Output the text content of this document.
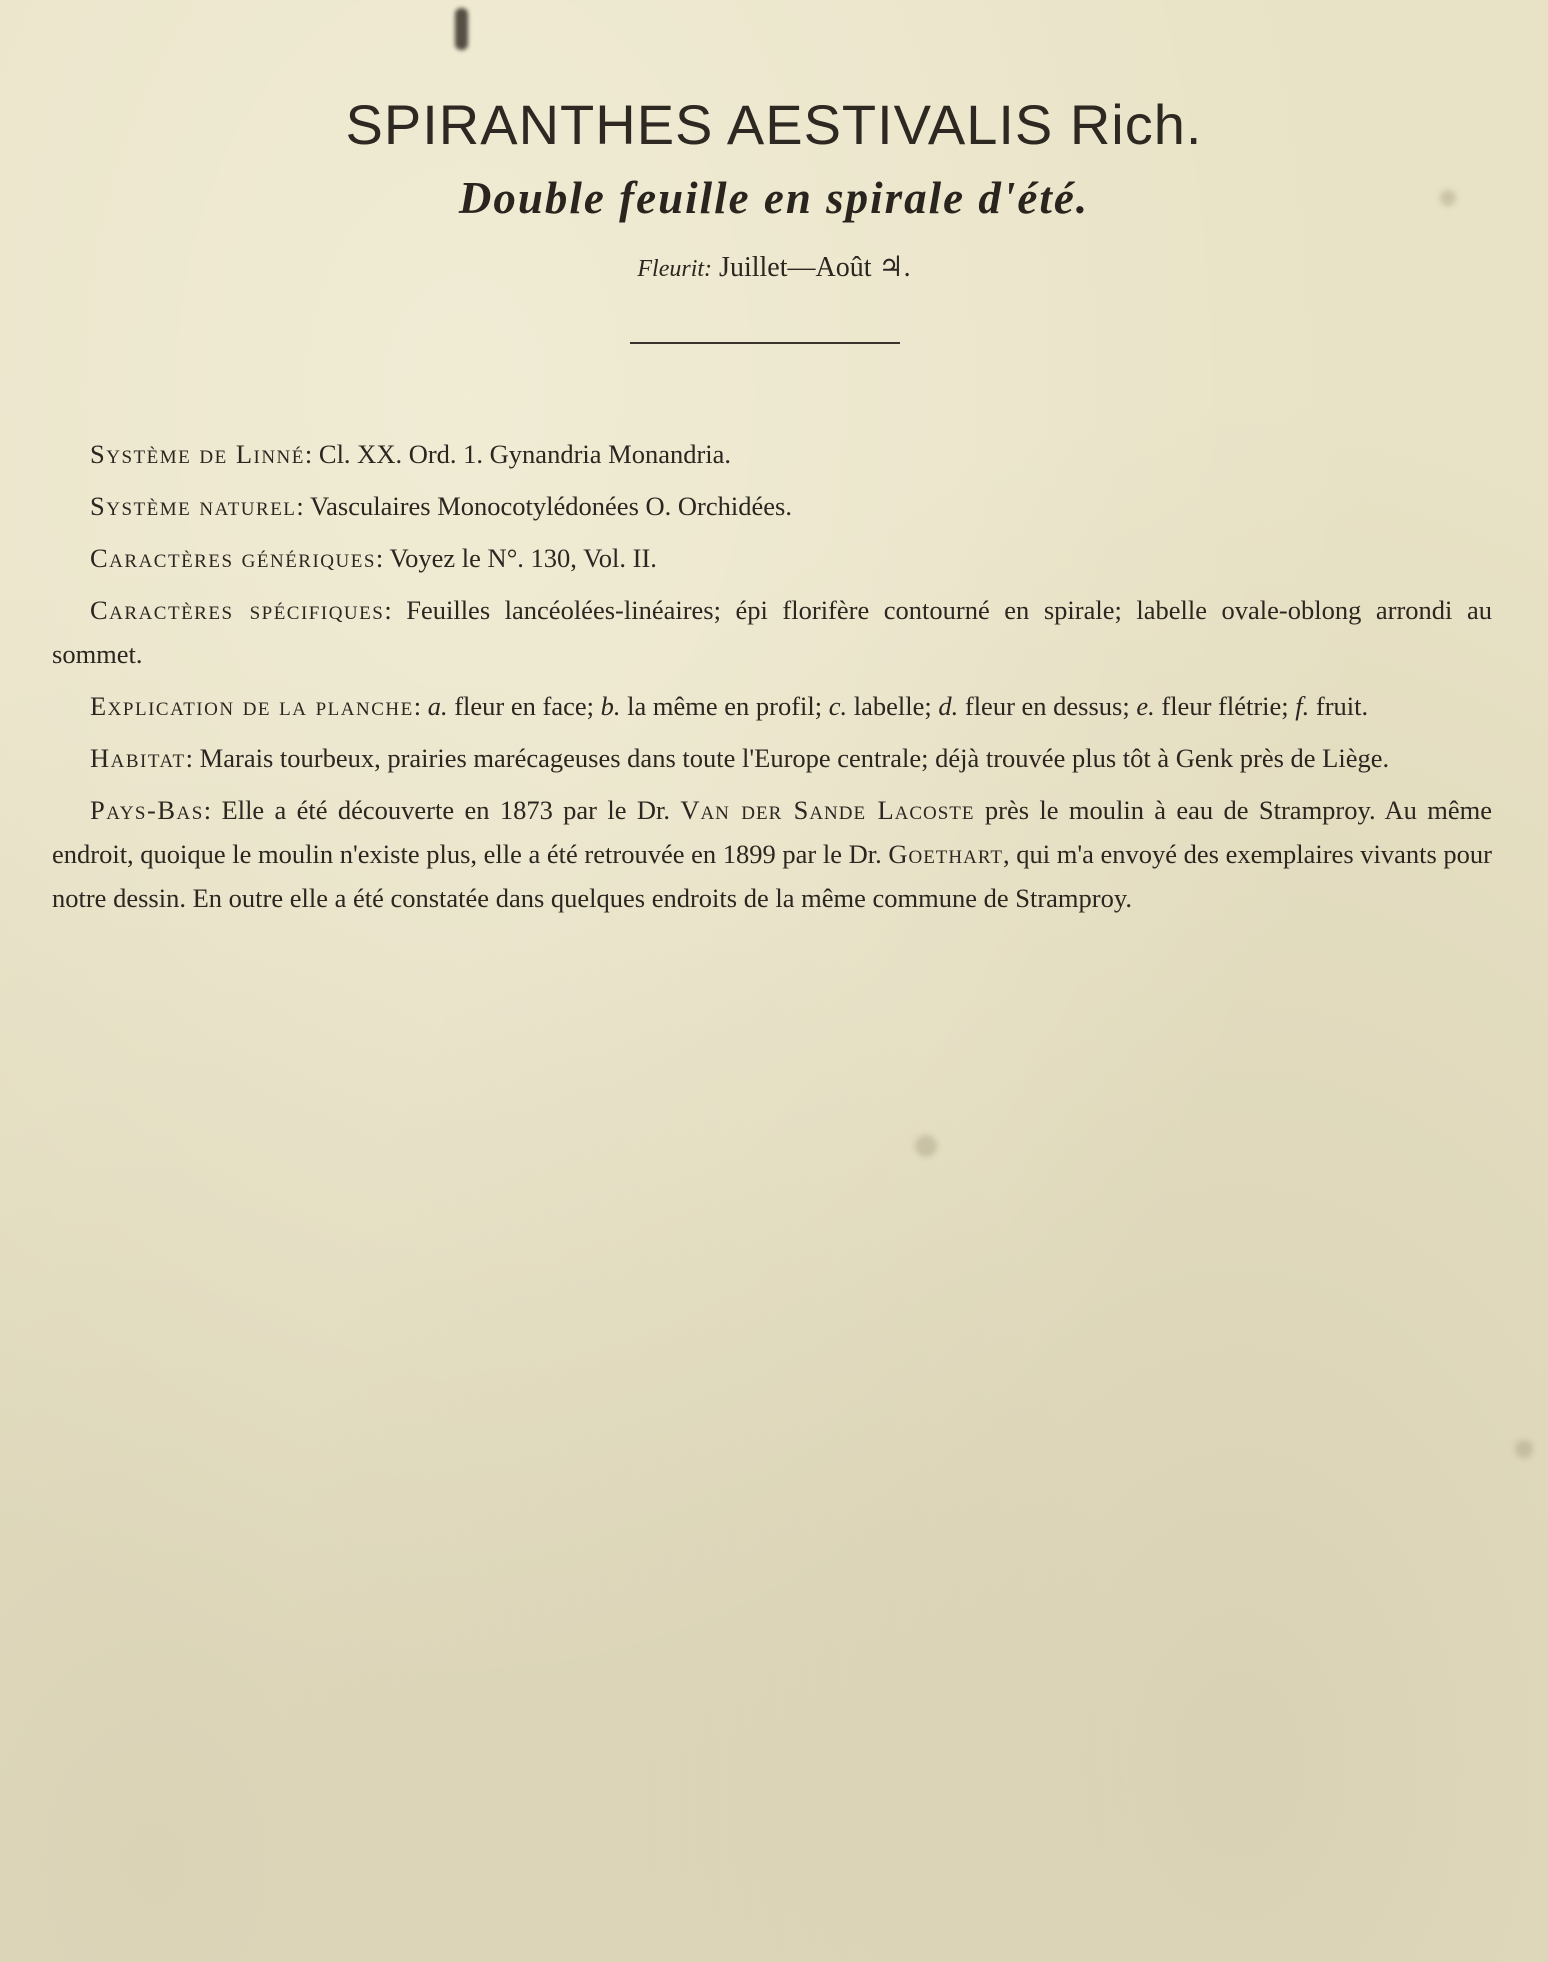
SPIRANTHES AESTIVALIS Rich.
Double feuille en spirale d'été.
Fleurit: Juillet—Août ♃.

Système de Linné: Cl. XX. Ord. 1. Gynandria Monandria.

Système naturel: Vasculaires Monocotylédonées O. Orchidées.

Caractères génériques: Voyez le N°. 130, Vol. II.

Caractères spécifiques: Feuilles lancéolées-linéaires; épi florifère contourné en spirale; labelle ovale-oblong arrondi au sommet.

Explication de la planche: a. fleur en face; b. la même en profil; c. labelle; d. fleur en dessus; e. fleur flétrie; f. fruit.

Habitat: Marais tourbeux, prairies marécageuses dans toute l'Europe centrale; déjà trouvée plus tôt à Genk près de Liège.

Pays-Bas: Elle a été découverte en 1873 par le Dr. Van der Sande Lacoste près le moulin à eau de Stramproy. Au même endroit, quoique le moulin n'existe plus, elle a été retrouvée en 1899 par le Dr. Goethart, qui m'a envoyé des exemplaires vivants pour notre dessin. En outre elle a été constatée dans quelques endroits de la même commune de Stramproy.
